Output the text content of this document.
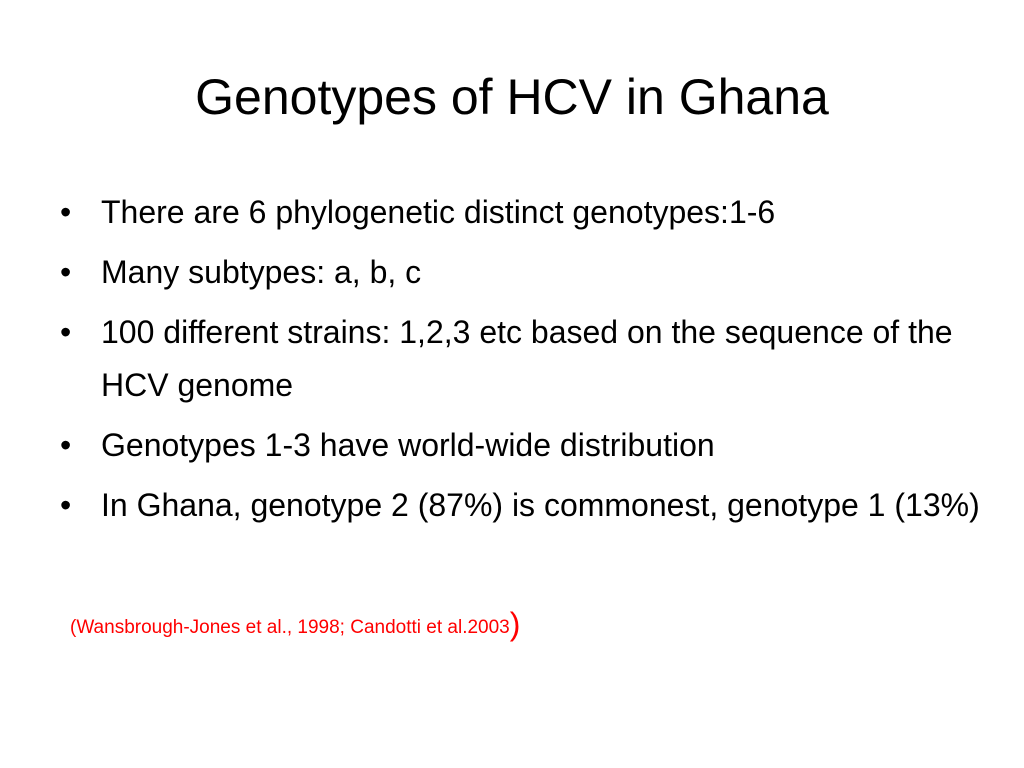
Genotypes of HCV in Ghana
• There are 6 phylogenetic distinct genotypes:1-6
• Many subtypes: a, b, c
• 100 different strains: 1,2,3 etc based on the sequence of the HCV genome
• Genotypes 1-3 have world-wide distribution
• In Ghana, genotype 2 (87%) is commonest, genotype 1 (13%)
(Wansbrough-Jones et al., 1998; Candotti et al.2003)
